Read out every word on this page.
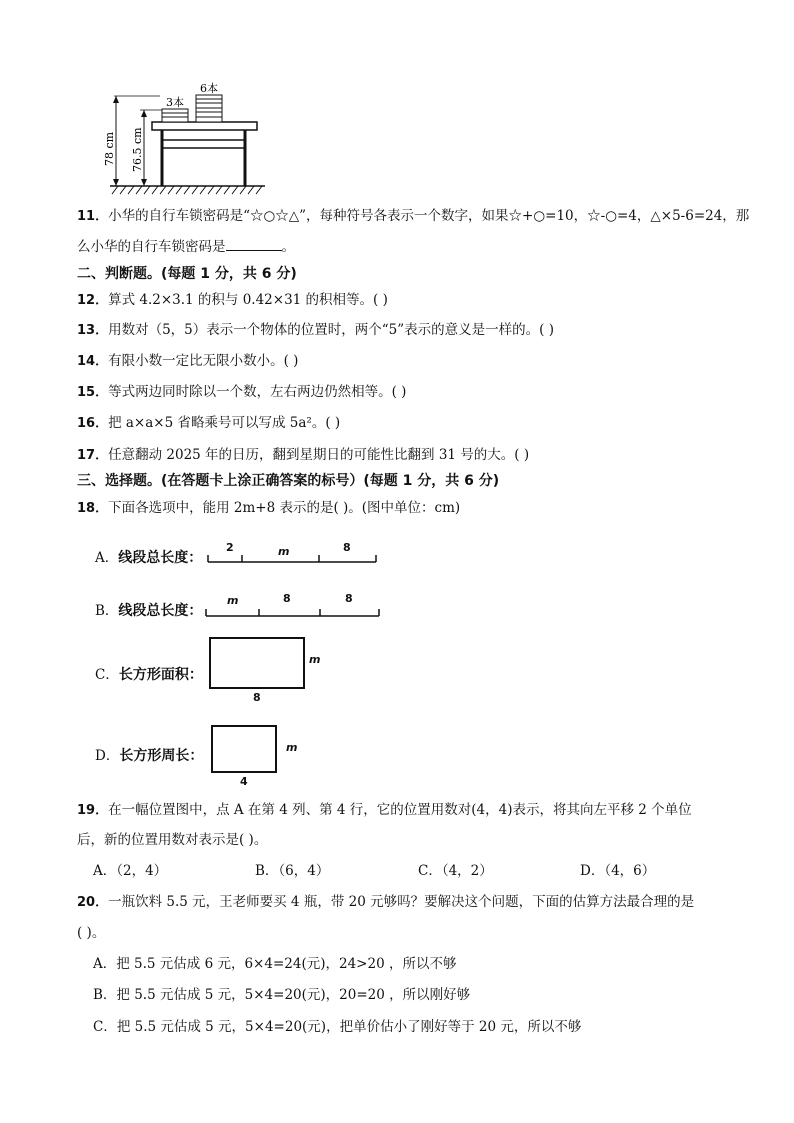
3本
6本
78 cm 76.5 cm
11．小华的自行车锁密码是“☆○☆△”，每种符号各表示一个数字，如果☆+○=10，☆-○=4，△×5-6=24，那
么小华的自行车锁密码是	。
二、判断题。(每题 1 分，共 6 分)
12．算式 4.2×3.1 的积与 0.42×31 的积相等。( )
13．用数对（5，5）表示一个物体的位置时，两个“5”表示的意义是一样的。( )
14．有限小数一定比无限小数小。( )
15．等式两边同时除以一个数，左右两边仍然相等。( )
16．把 a×a×5 省略乘号可以写成 5a²。( )
17．任意翻动 2025 年的日历，翻到星期日的可能性比翻到 31 号的大。( )
三、选择题。(在答题卡上涂正确答案的标号）(每题 1 分，共 6 分)
18．下面各选项中，能用 2m+8 表示的是( )。(图中单位：cm)
A．线段总长度：
2	m	8
B．线段总长度：
m	8	8
C．长方形面积：
m
8
D．长方形周长：
m
4
19．在一幅位置图中，点 A 在第 4 列、第 4 行，它的位置用数对(4，4)表示，将其向左平移 2 个单位
后，新的位置用数对表示是( )。
A．（2，4）	B．（6，4）	C．（4，2）	D．（4，6）
20．一瓶饮料 5.5 元，王老师要买 4 瓶，带 20 元够吗？要解决这个问题，下面的估算方法最合理的是
( )。
A．把 5.5 元估成 6 元，6×4=24(元)，24>20 ，所以不够
B．把 5.5 元估成 5 元，5×4=20(元)，20=20 ，所以刚好够
C．把 5.5 元估成 5 元，5×4=20(元)，把单价估小了刚好等于 20 元，所以不够
